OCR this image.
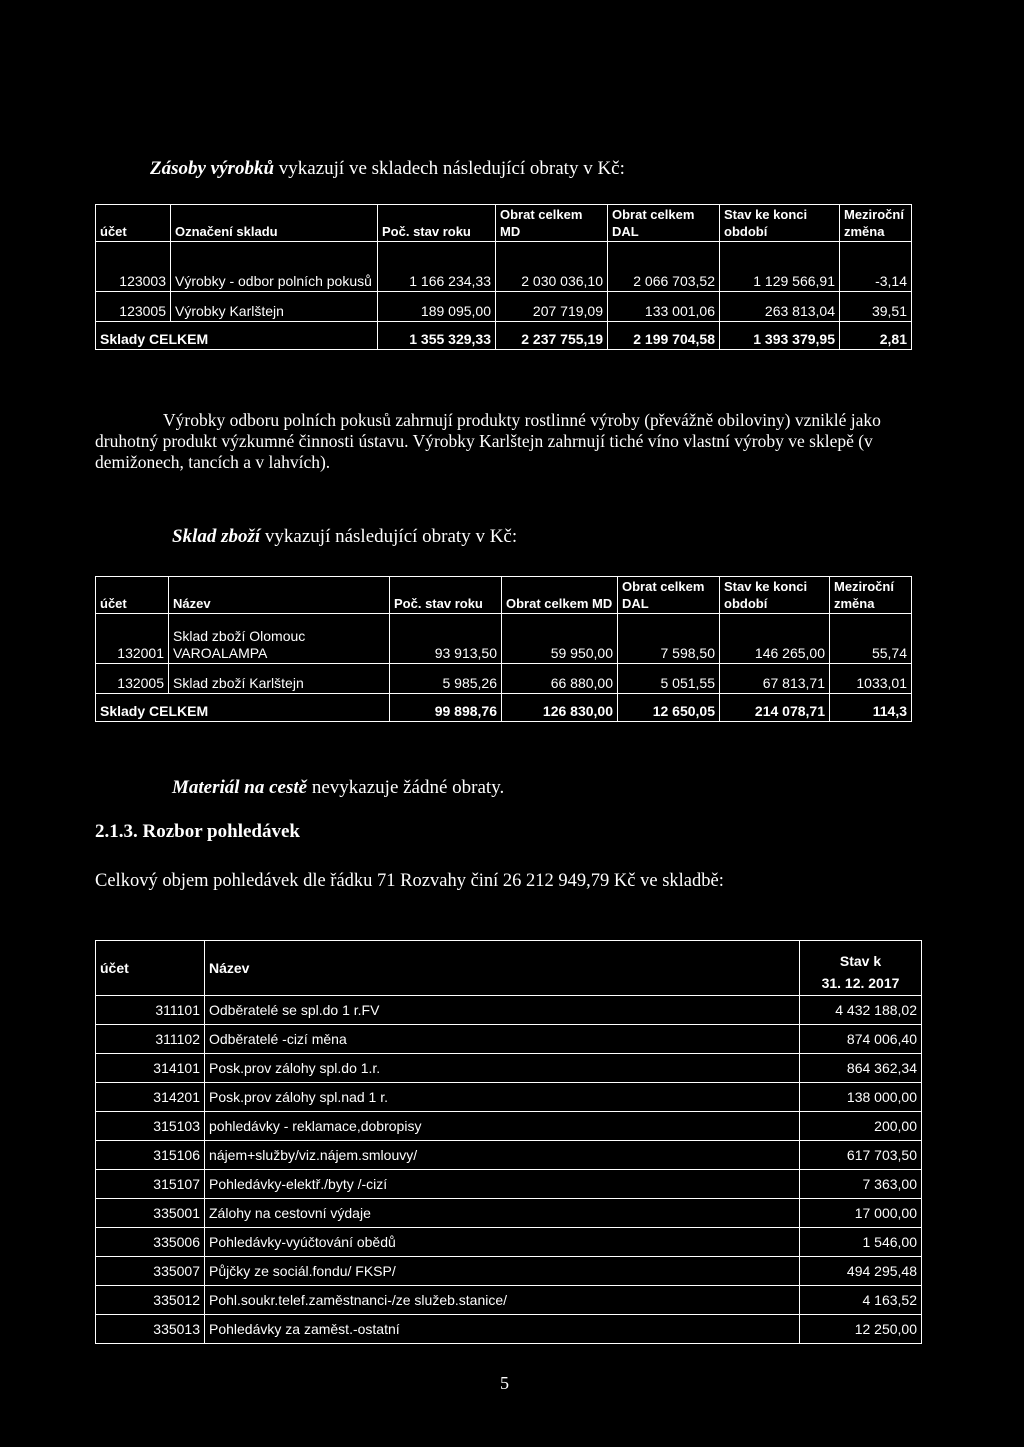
Zásoby výrobků vykazují ve skladech následující obraty v Kč:
účet	Označení skladu	Poč. stav roku	Obrat celkem MD	Obrat celkem DAL	Stav ke konci období	Meziroční změna
123003	Výrobky - odbor polních pokusů	1 166 234,33	2 030 036,10	2 066 703,52	1 129 566,91	-3,14
123005	Výrobky Karlštejn	189 095,00	207 719,09	133 001,06	263 813,04	39,51
Sklady CELKEM		1 355 329,33	2 237 755,19	2 199 704,58	1 393 379,95	2,81
Výrobky odboru polních pokusů zahrnují produkty rostlinné výroby (převážně obiloviny) vzniklé jako druhotný produkt výzkumné činnosti ústavu. Výrobky Karlštejn zahrnují tiché víno vlastní výroby ve sklepě (v demižonech, tancích a v lahvích).
Sklad zboží vykazují následující obraty v Kč:
účet	Název	Poč. stav roku	Obrat celkem MD	Obrat celkem DAL	Stav ke konci období	Meziroční změna
132001	Sklad zboží Olomouc VAROALAMPA	93 913,50	59 950,00	7 598,50	146 265,00	55,74
132005	Sklad zboží Karlštejn	5 985,26	66 880,00	5 051,55	67 813,71	1033,01
Sklady CELKEM		99 898,76	126 830,00	12 650,05	214 078,71	114,3
Materiál na cestě nevykazuje žádné obraty.
2.1.3. Rozbor pohledávek
Celkový objem pohledávek dle řádku 71 Rozvahy činí 26 212 949,79 Kč ve skladbě:
účet	Název	Stav k
31. 12. 2017

311101	Odběratelé se spl.do 1 r.FV	4 432 188,02
311102	Odběratelé -cizí měna	874 006,40
314101	Posk.prov zálohy spl.do 1.r.	864 362,34
314201	Posk.prov zálohy spl.nad 1 r.	138 000,00
315103	pohledávky - reklamace,dobropisy	200,00
315106	nájem+služby/viz.nájem.smlouvy/	617 703,50
315107	Pohledávky-elektř./byty /-cizí	7 363,00
335001	Zálohy na cestovní výdaje	17 000,00
335006	Pohledávky-vyúčtování obědů	1 546,00
335007	Půjčky ze sociál.fondu/ FKSP/	494 295,48
335012	Pohl.soukr.telef.zaměstnanci-/ze služeb.stanice/	4 163,52
335013	Pohledávky za zaměst.-ostatní	12 250,00
5
